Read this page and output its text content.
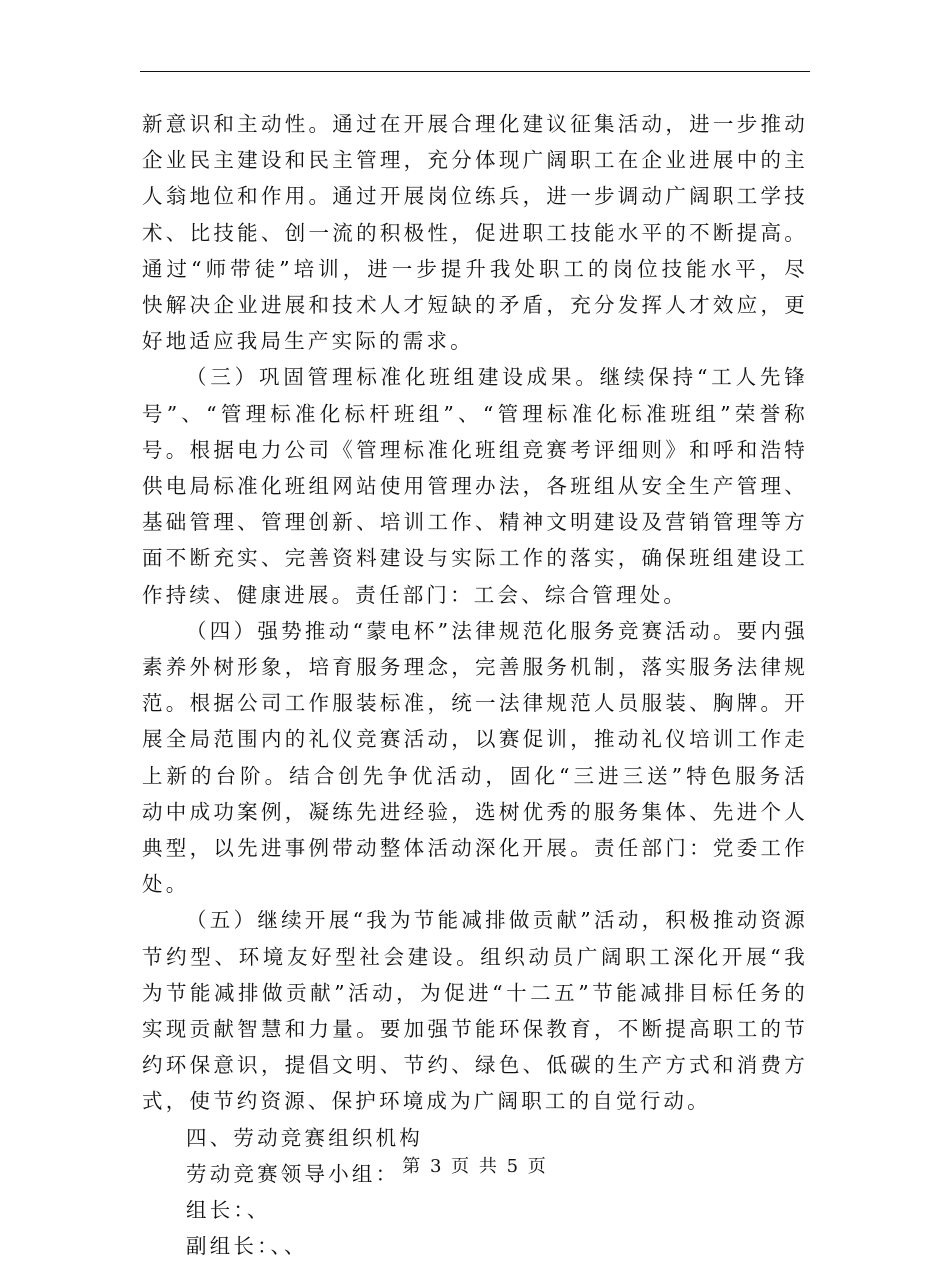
新意识和主动性。通过在开展合理化建议征集活动，进一步推动企业民主建设和民主管理，充分体现广阔职工在企业进展中的主人翁地位和作用。通过开展岗位练兵，进一步调动广阔职工学技术、比技能、创一流的积极性，促进职工技能水平的不断提高。通过“师带徒”培训，进一步提升我处职工的岗位技能水平，尽快解决企业进展和技术人才短缺的矛盾，充分发挥人才效应，更好地适应我局生产实际的需求。

（三）巩固管理标准化班组建设成果。继续保持“工人先锋号”、“管理标准化标杆班组”、“管理标准化标准班组”荣誉称号。根据电力公司《管理标准化班组竞赛考评细则》和呼和浩特供电局标准化班组网站使用管理办法，各班组从安全生产管理、基础管理、管理创新、培训工作、精神文明建设及营销管理等方面不断充实、完善资料建设与实际工作的落实，确保班组建设工作持续、健康进展。责任部门：工会、综合管理处。

（四）强势推动“蒙电杯”法律规范化服务竞赛活动。要内强素养外树形象，培育服务理念，完善服务机制，落实服务法律规范。根据公司工作服装标准，统一法律规范人员服装、胸牌。开展全局范围内的礼仪竞赛活动，以赛促训，推动礼仪培训工作走上新的台阶。结合创先争优活动，固化“三进三送”特色服务活动中成功案例，凝练先进经验，选树优秀的服务集体、先进个人典型，以先进事例带动整体活动深化开展。责任部门：党委工作处。

（五）继续开展“我为节能减排做贡献”活动，积极推动资源节约型、环境友好型社会建设。组织动员广阔职工深化开展“我为节能减排做贡献”活动，为促进“十二五”节能减排目标任务的实现贡献智慧和力量。要加强节能环保教育，不断提高职工的节约环保意识，提倡文明、节约、绿色、低碳的生产方式和消费方式，使节约资源、保护环境成为广阔职工的自觉行动。

四、劳动竞赛组织机构

劳动竞赛领导小组：

组长：、

副组长：、、

第 3 页 共 5 页
